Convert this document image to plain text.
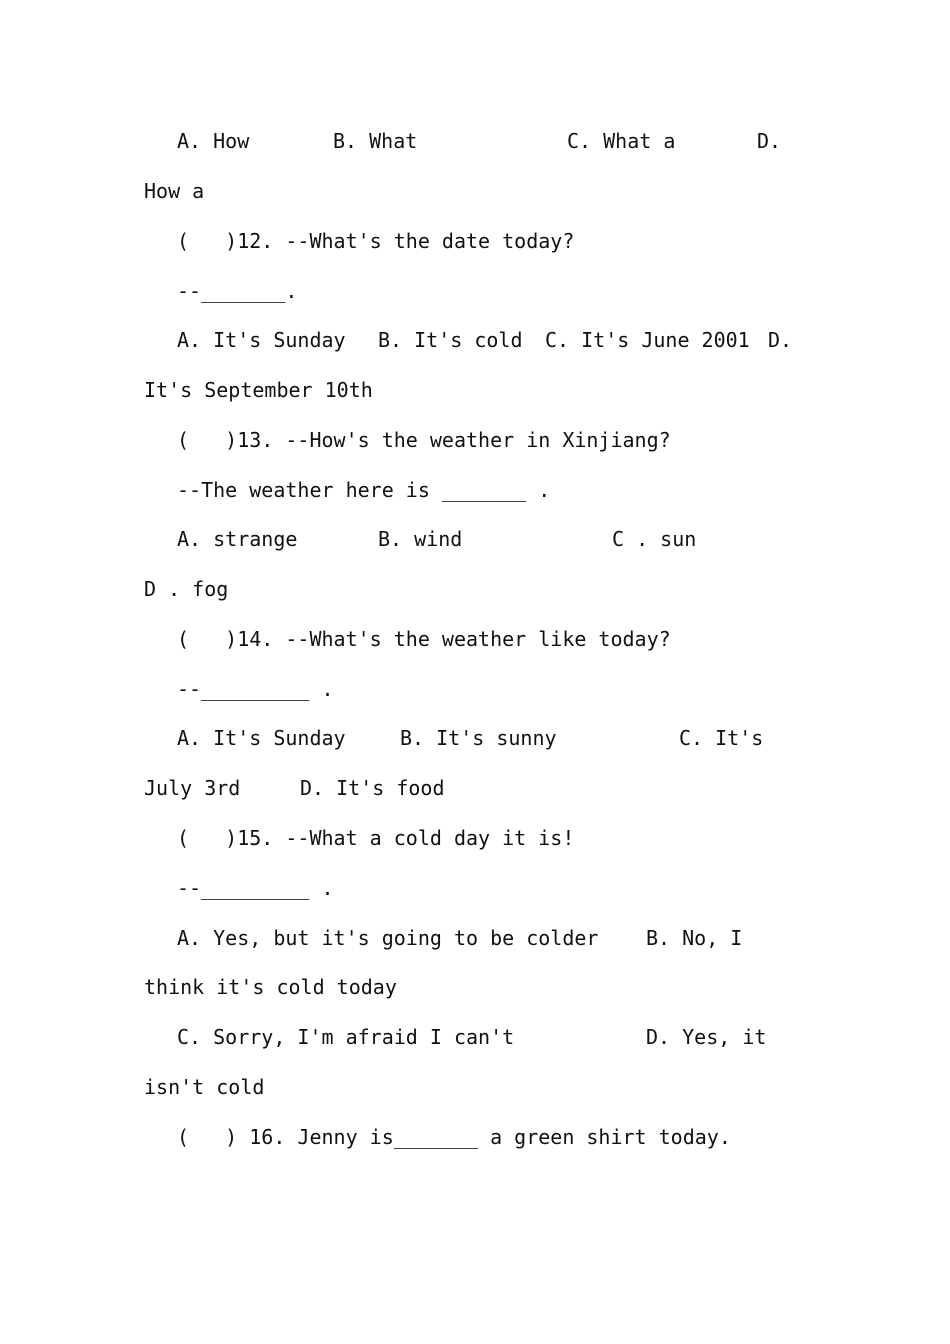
A. How

	B. What

	C. What a

	D.

How a
(   )12. --What's the date today?
--_______.

A. It's Sunday

B. It's cold

C. It's June 2001

D.

It's September 10th
(   )13. --How's the weather in Xinjiang?
--The weather here is _______ .

A. strange

	B. wind

	C . sun

D . fog
(   )14. --What's the weather like today?
--_________ .

A. It's Sunday

	B. It's sunny

	C. It's

July 3rd

	D. It's food

(   )15. --What a cold day it is!
--_________ .

A. Yes, but it's going to be colder

B. No, I

think it's cold today

C. Sorry, I'm afraid I can't

	D. Yes, it

isn't cold
(   ) 16. Jenny is_______ a green shirt today.
